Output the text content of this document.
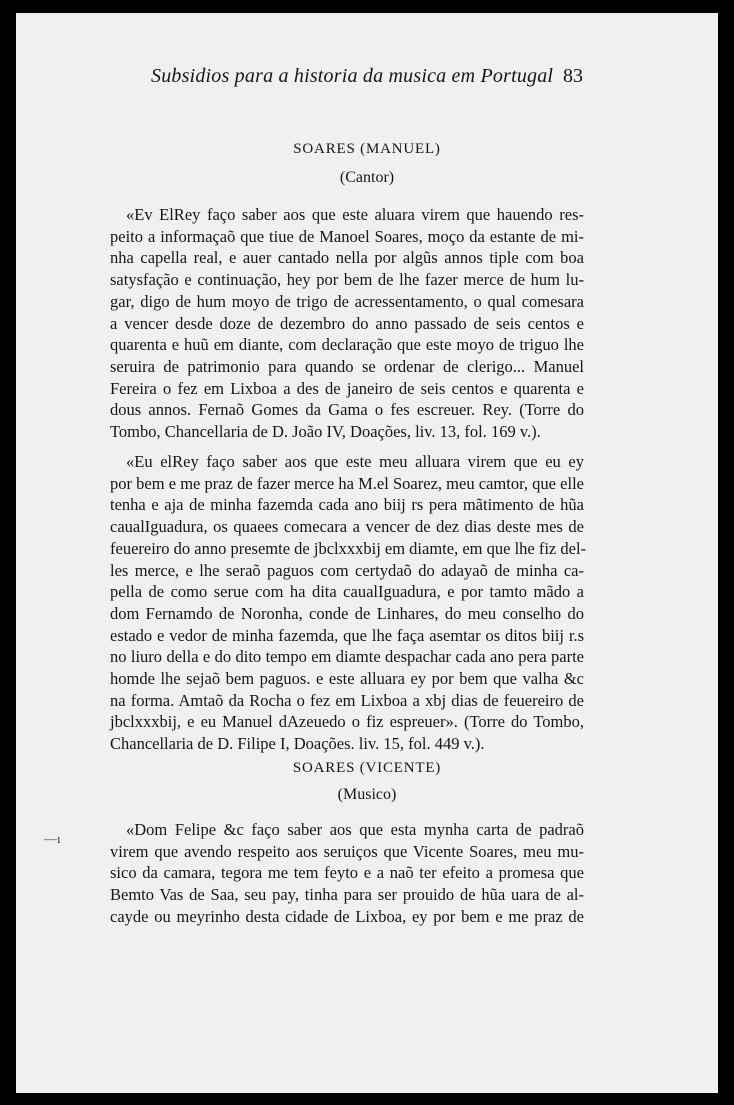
Subsidios para a historia da musica em Portugal 83
SOARES (MANUEL)
(Cantor)
«Ev ElRey faço saber aos que este aluara virem que hauendo res-
peito a informaçaõ que tiue de Manoel Soares, moço da estante de mi-
nha capella real, e auer cantado nella por algũs annos tiple com boa
satysfação e continuação, hey por bem de lhe fazer merce de hum lu-
gar, digo de hum moyo de trigo de acressentamento, o qual comesara
a vencer desde doze de dezembro do anno passado de seis centos e
quarenta e huũ em diante, com declaração que este moyo de triguo lhe
seruira de patrimonio para quando se ordenar de clerigo... Manuel
Fereira o fez em Lixboa a des de janeiro de seis centos e quarenta e
dous annos. Fernaõ Gomes da Gama o fes escreuer. Rey. (Torre do
Tombo, Chancellaria de D. João IV, Doações, liv. 13, fol. 169 v.).
«Eu elRey faço saber aos que este meu alluara virem que eu ey
por bem e me praz de fazer merce ha M.el Soarez, meu camtor, que elle
tenha e aja de minha fazemda cada ano biij rs pera mãtimento de hũa
caualIguadura, os quaees comecara a vencer de dez dias deste mes de
feuereiro do anno presemte de jbclxxxbij em diamte, em que lhe fiz del-
les merce, e lhe seraõ paguos com certydaõ do adayaõ de minha ca-
pella de como serue com ha dita caualIguadura, e por tamto mãdo a
dom Fernamdo de Noronha, conde de Linhares, do meu conselho do
estado e vedor de minha fazemda, que lhe faça asemtar os ditos biij r.s
no liuro della e do dito tempo em diamte despachar cada ano pera parte
homde lhe sejaõ bem paguos. e este alluara ey por bem que valha &c
na forma. Amtaõ da Rocha o fez em Lixboa a xbj dias de feuereiro de
jbclxxxbij, e eu Manuel dAzeuedo o fiz espreuer». (Torre do Tombo,
Chancellaria de D. Filipe I, Doações. liv. 15, fol. 449 v.).
SOARES (VICENTE)
(Musico)
«Dom Felipe &c faço saber aos que esta mynha carta de padraõ
virem que avendo respeito aos seruiços que Vicente Soares, meu mu-
sico da camara, tegora me tem feyto e a naõ ter efeito a promesa que
Bemto Vas de Saa, seu pay, tinha para ser prouido de hũa uara de al-
cayde ou meyrinho desta cidade de Lixboa, ey por bem e me praz de
—ı
